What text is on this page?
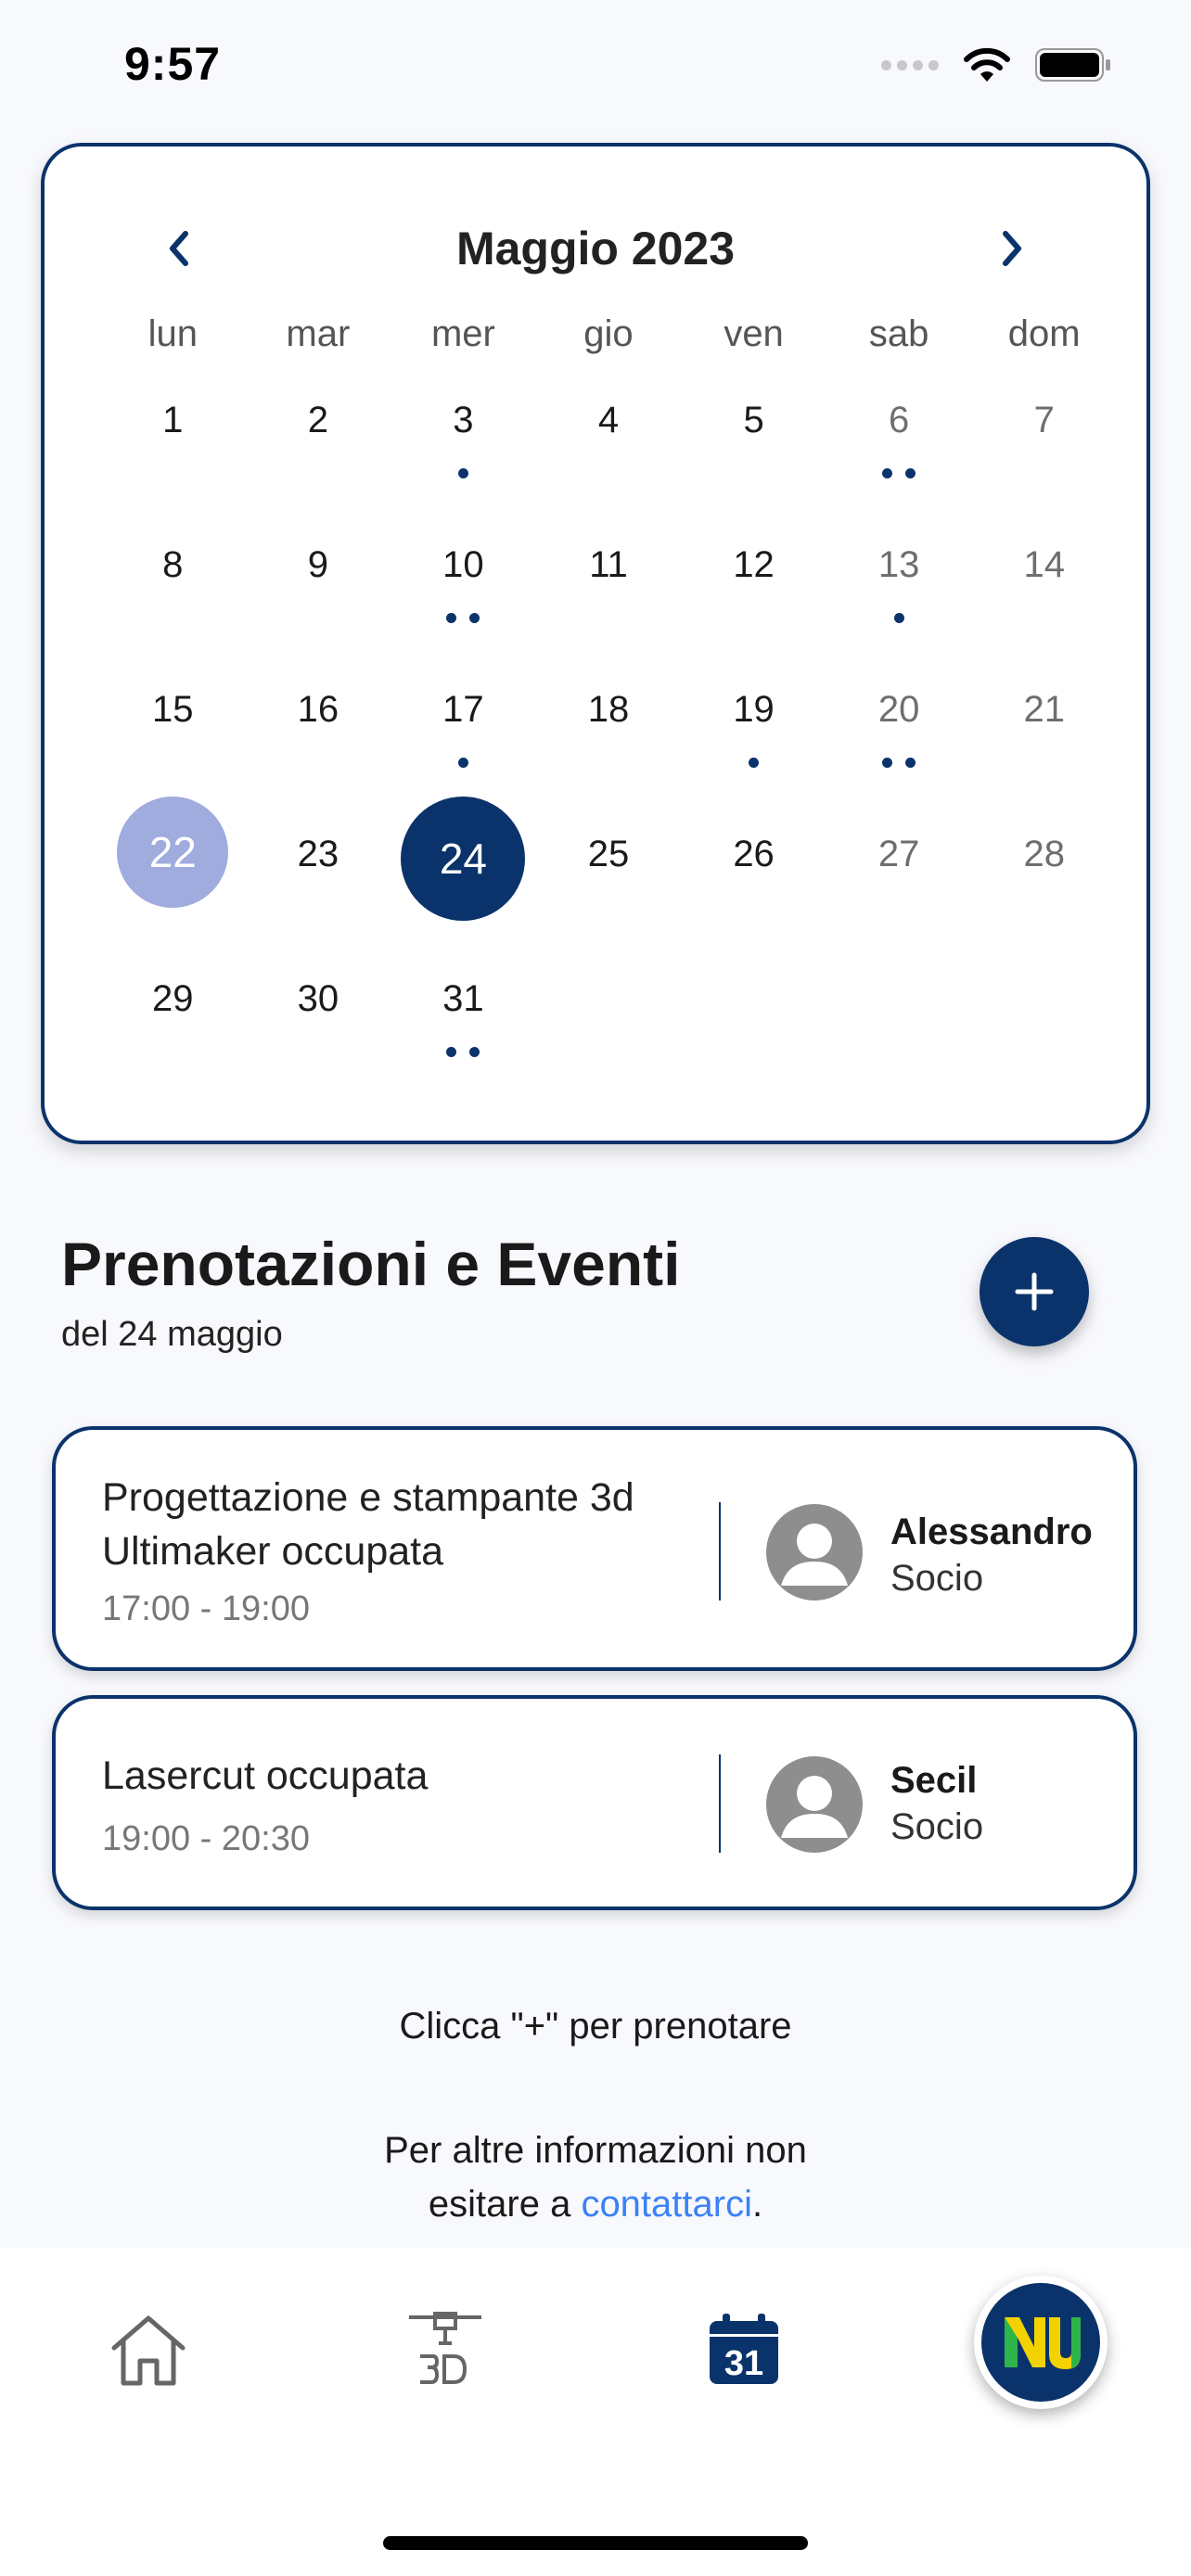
9:57
Maggio 2023
lun	mar	mer	gio	ven	sab	dom
1	2	3	4	5	6	7
8	9	10	11	12	13	14
15	16	17	18	19	20	21
22	23	24	25	26	27	28
29	30	31
Prenotazioni e Eventi
del 24 maggio
Progettazione e stampante 3d Ultimaker occupata
17:00 - 19:00
Alessandro
Socio
Lasercut occupata
19:00 - 20:30
Secil
Socio
Clicca "+" per prenotare
Per altre informazioni non
esitare a contattarci.
31
